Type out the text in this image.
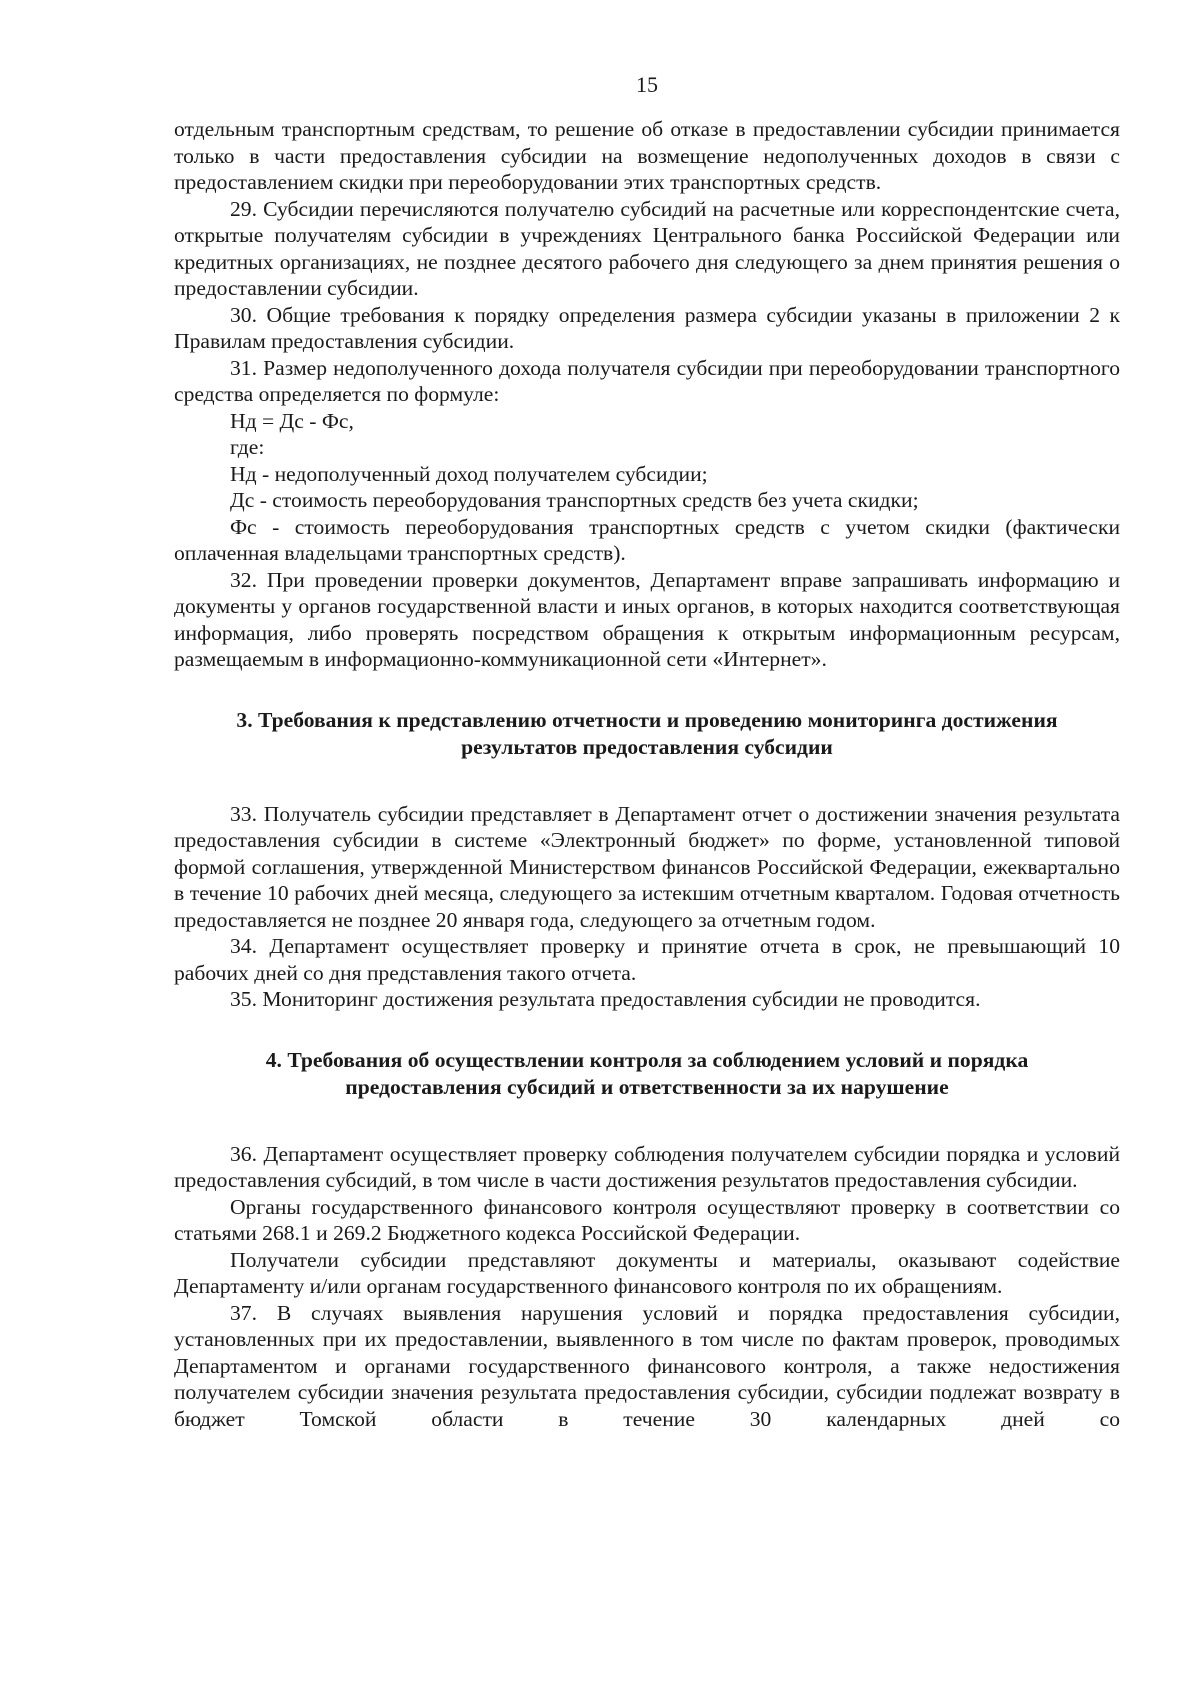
15

отдельным транспортным средствам, то решение об отказе в предоставлении субсидии принимается только в части предоставления субсидии на возмещение недополученных доходов в связи с предоставлением скидки при переоборудовании этих транспортных средств.

29. Субсидии перечисляются получателю субсидий на расчетные или корреспондентские счета, открытые получателям субсидии в учреждениях Центрального банка Российской Федерации или кредитных организациях, не позднее десятого рабочего дня следующего за днем принятия решения о предоставлении субсидии.

30. Общие требования к порядку определения размера субсидии указаны в приложении 2 к Правилам предоставления субсидии.

31. Размер недополученного дохода получателя субсидии при переоборудовании транспортного средства определяется по формуле:

Нд = Дс - Фс,

где:

Нд - недополученный доход получателем субсидии;

Дс - стоимость переоборудования транспортных средств без учета скидки;

Фс - стоимость переоборудования транспортных средств с учетом скидки (фактически оплаченная владельцами транспортных средств).

32. При проведении проверки документов, Департамент вправе запрашивать информацию и документы у органов государственной власти и иных органов, в которых находится соответствующая информация, либо проверять посредством обращения к открытым информационным ресурсам, размещаемым в информационно-коммуникационной сети «Интернет».

3. Требования к представлению отчетности и проведению мониторинга достижения
результатов предоставления субсидии

33. Получатель субсидии представляет в Департамент отчет о достижении значения результата предоставления субсидии в системе «Электронный бюджет» по форме, установленной типовой формой соглашения, утвержденной Министерством финансов Российской Федерации, ежеквартально в течение 10 рабочих дней месяца, следующего за истекшим отчетным кварталом. Годовая отчетность предоставляется не позднее 20 января года, следующего за отчетным годом.

34. Департамент осуществляет проверку и принятие отчета в срок, не превышающий 10 рабочих дней со дня представления такого отчета.

35. Мониторинг достижения результата предоставления субсидии не проводится.

4. Требования об осуществлении контроля за соблюдением условий и порядка
предоставления субсидий и ответственности за их нарушение

36. Департамент осуществляет проверку соблюдения получателем субсидии порядка и условий предоставления субсидий, в том числе в части достижения результатов предоставления субсидии.

Органы государственного финансового контроля осуществляют проверку в соответствии со статьями 268.1 и 269.2 Бюджетного кодекса Российской Федерации.

Получатели субсидии представляют документы и материалы, оказывают содействие Департаменту и/или органам государственного финансового контроля по их обращениям.

37. В случаях выявления нарушения условий и порядка предоставления субсидии, установленных при их предоставлении, выявленного в том числе по фактам проверок, проводимых Департаментом и органами государственного финансового контроля, а также недостижения получателем субсидии значения результата предоставления субсидии, субсидии подлежат возврату в бюджет Томской области в течение 30 календарных дней со
